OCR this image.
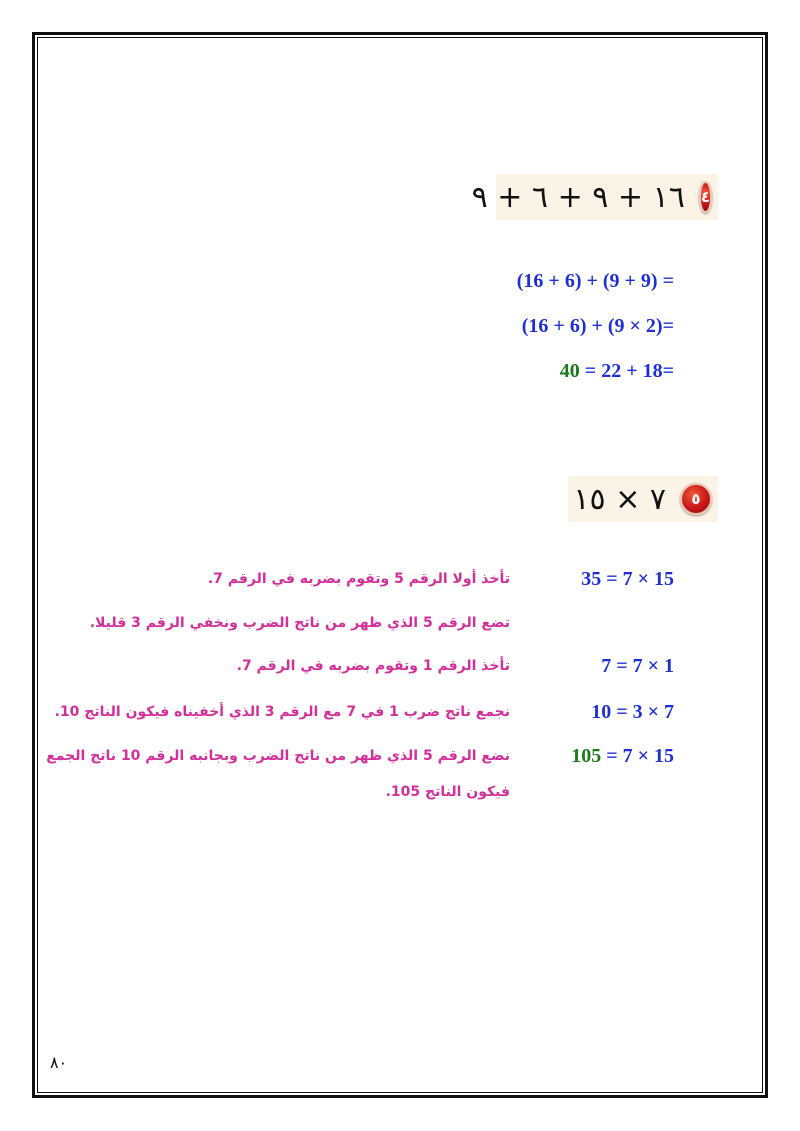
١٦ + ٩ + ٦ + ٩ ٤
(16 + 6) + (9 + 9) =
(16 + 6) + (9 × 2)=
40 = 22 + 18=
٧ × ١٥	٥
35 = 7 × 15
تأخذ أولا الرقم 5 وتقوم بضربه في الرقم 7.
تضع الرقم 5 الذي ظهر من ناتج الضرب ونخفي الرقم 3 قليلا.
7 = 7 × 1
تأخذ الرقم 1 وتقوم بضربه في الرقم 7.
10 = 3 × 7
نجمع ناتج ضرب 1 في 7 مع الرقم 3 الذي أخفيناه فيكون الناتج 10.
105 = 7 × 15
نضع الرقم 5 الذي ظهر من ناتج الضرب وبجانبه الرقم 10 ناتج الجمع
فيكون الناتج 105.
٨٠
